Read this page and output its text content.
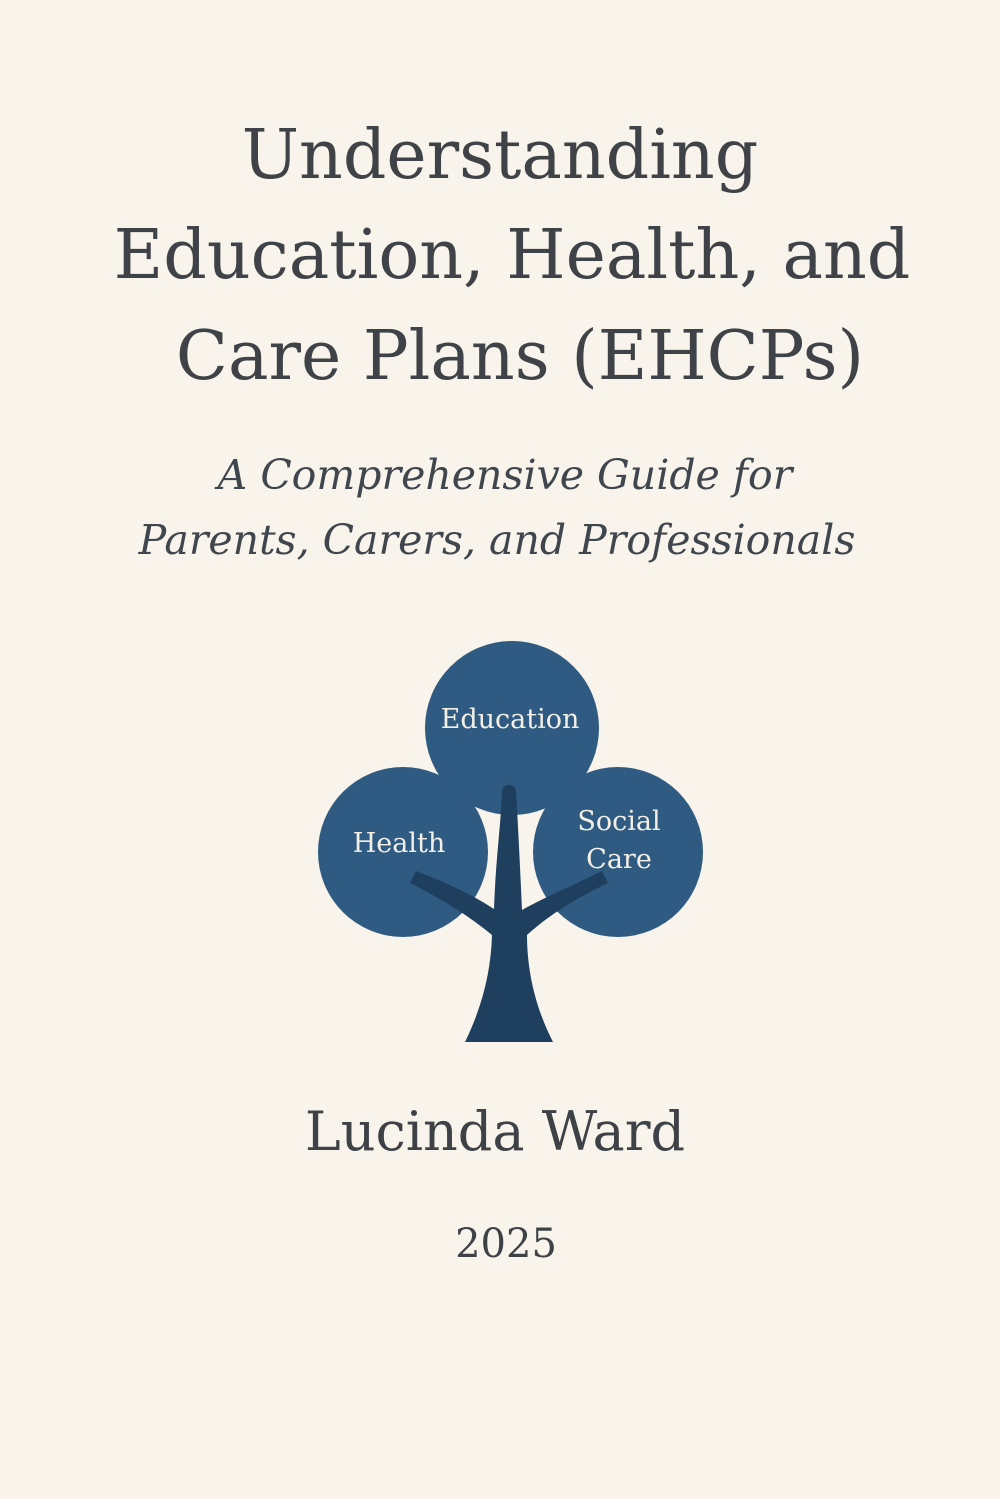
Understanding
Education, Health, and
Care Plans (EHCPs)
A Comprehensive Guide for
Parents, Carers, and Professionals
Education
Health
Social
Care
Lucinda Ward
2025
